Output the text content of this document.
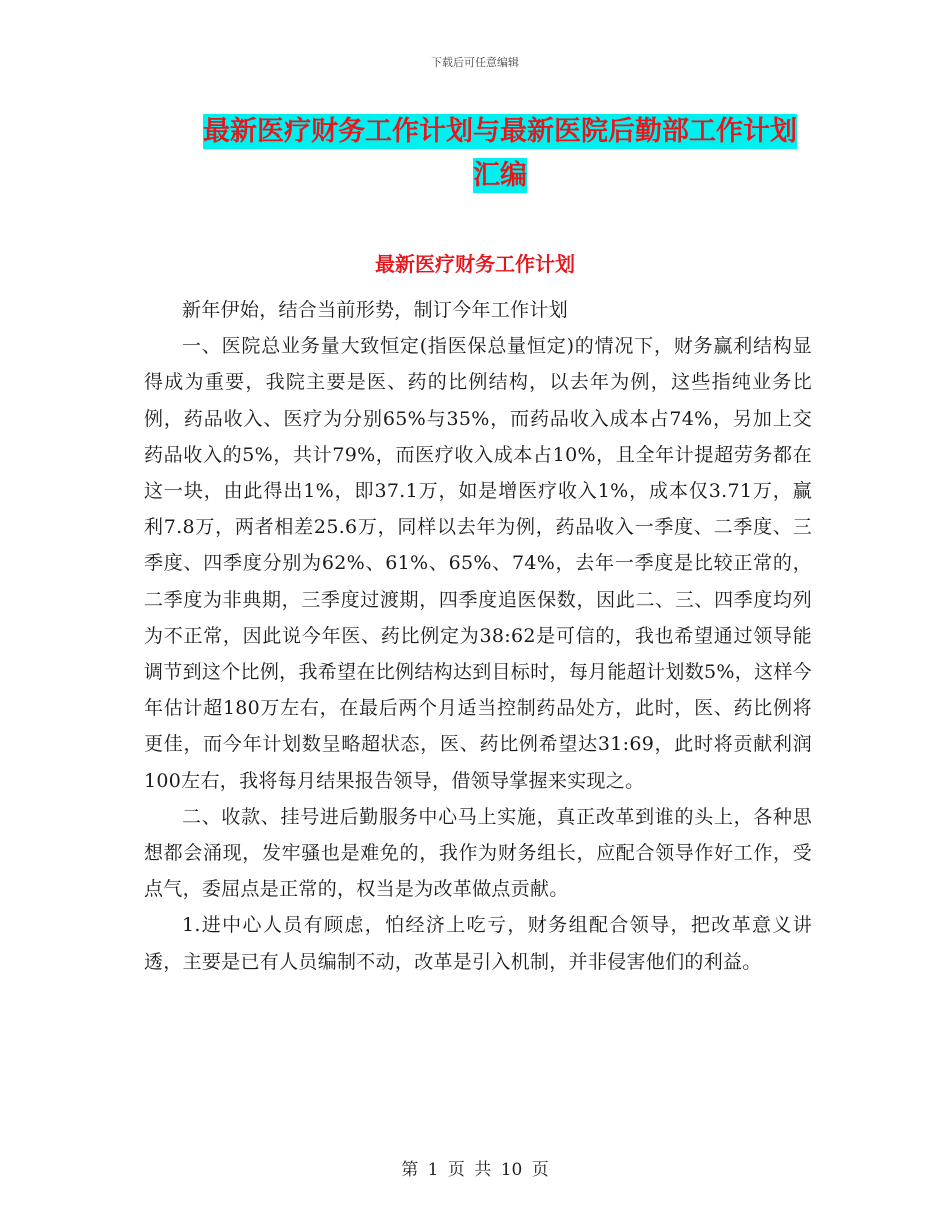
下载后可任意编辑
最新医疗财务工作计划与最新医院后勤部工作计划汇编
最新医疗财务工作计划

新年伊始，结合当前形势，制订今年工作计划

一、医院总业务量大致恒定(指医保总量恒定)的情况下，财务赢利结构显得成为重要，我院主要是医、药的比例结构，以去年为例，这些指纯业务比例，药品收入、医疗为分别65%与35%，而药品收入成本占74%，另加上交药品收入的5%，共计79%，而医疗收入成本占10%，且全年计提超劳务都在这一块，由此得出1%，即37.1万，如是增医疗收入1%，成本仅3.71万，赢利7.8万，两者相差25.6万，同样以去年为例，药品收入一季度、二季度、三季度、四季度分别为62%、61%、65%、74%，去年一季度是比较正常的，二季度为非典期，三季度过渡期，四季度追医保数，因此二、三、四季度均列为不正常，因此说今年医、药比例定为38:62是可信的，我也希望通过领导能调节到这个比例，我希望在比例结构达到目标时，每月能超计划数5%，这样今年估计超180万左右，在最后两个月适当控制药品处方，此时，医、药比例将更佳，而今年计划数呈略超状态，医、药比例希望达31:69，此时将贡献利润100左右，我将每月结果报告领导，借领导掌握来实现之。

二、收款、挂号进后勤服务中心马上实施，真正改革到谁的头上，各种思想都会涌现，发牢骚也是难免的，我作为财务组长，应配合领导作好工作，受点气，委屈点是正常的，权当是为改革做点贡献。

1.进中心人员有顾虑，怕经济上吃亏，财务组配合领导，把改革意义讲透，主要是已有人员编制不动，改革是引入机制，并非侵害他们的利益。

第 1 页 共 10 页
